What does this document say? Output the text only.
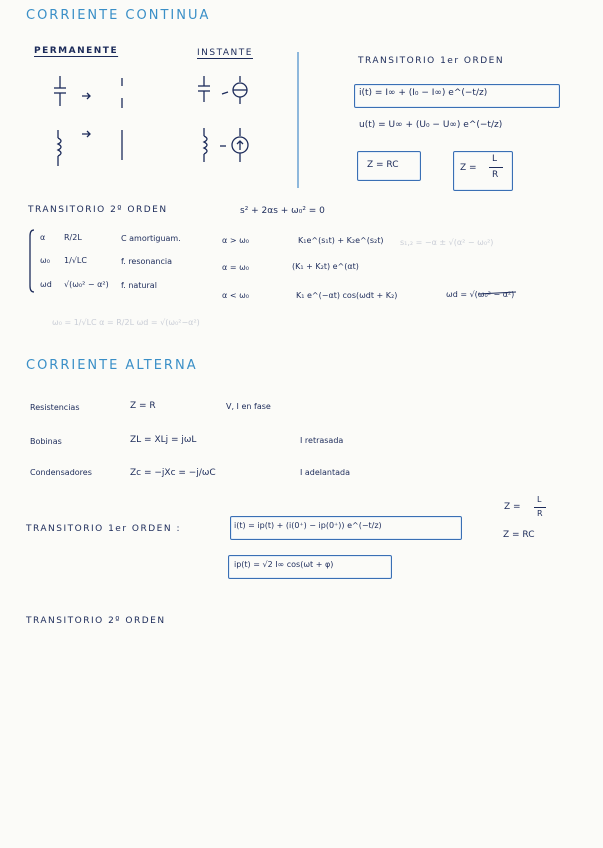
CORRIENTE CONTINUA
PERMANENTE	INSTANTE
TRANSITORIO 1er ORDEN
i(t) = I∞ + (I₀ − I∞) e^(−t/z)
u(t) = U∞ + (U₀ − U∞) e^(−t/z)
Z = RC	Z =
L
R
TRANSITORIO 2º ORDEN	s² + 2αs + ω₀² = 0
α R/2L	C amortiguam.
ω₀ 1/√LC	f. resonancia
ωd √(ω₀² − α²) f. natural
α > ω₀	K₁e^(s₁t) + K₂e^(s₂t)
α = ω₀	(K₁ + K₂t) e^(αt)
α < ω₀	K₁ e^(−αt) cos(ωdt + K₂)	ωd = √(ω₀² − α²)
s₁,₂ = −α ± √(α² − ω₀²)
ω₀ = 1/√LC α = R/2L ωd = √(ω₀²−α²)
CORRIENTE ALTERNA
Resistencias	Z = R	V, I en fase
Bobinas	ZL = XLj = jωL	I retrasada
Condensadores	Zc = −jXc = −j/ωC	I adelantada
TRANSITORIO 1er ORDEN :	i(t) = ip(t) + (i(0⁺) − ip(0⁺)) e^(−t/z)
ip(t) = √2 I∞ cos(ωt + φ)
Z =
L
R
Z = RC
TRANSITORIO 2º ORDEN
